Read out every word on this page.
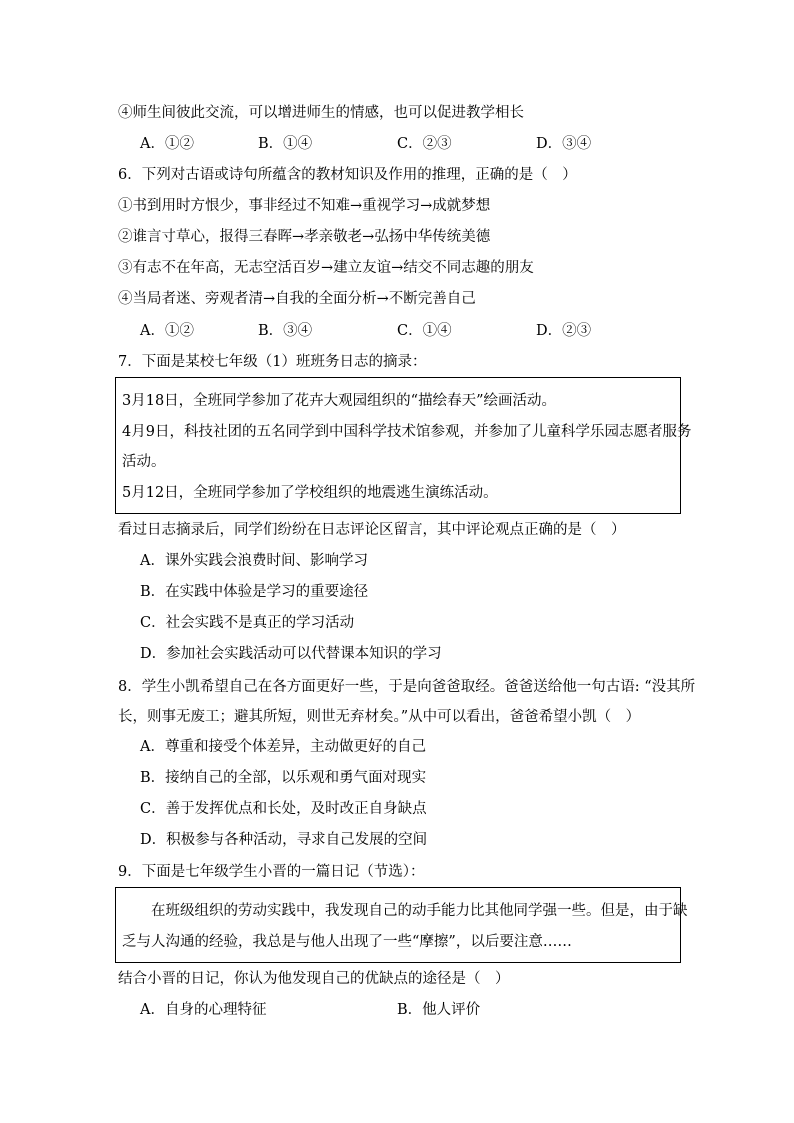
④师生间彼此交流，可以增进师生的情感，也可以促进教学相长
A．①②	B．①④	C．②③	D．③④
6．下列对古语或诗句所蕴含的教材知识及作用的推理，正确的是（　）
①书到用时方恨少，事非经过不知难→重视学习→成就梦想
②谁言寸草心，报得三春晖→孝亲敬老→弘扬中华传统美德
③有志不在年高，无志空活百岁→建立友谊→结交不同志趣的朋友
④当局者迷、旁观者清→自我的全面分析→不断完善自己
A．①②	B．③④	C．①④	D．②③
7．下面是某校七年级（1）班班务日志的摘录：
3月18日，全班同学参加了花卉大观园组织的“描绘春天”绘画活动。
4月9日，科技社团的五名同学到中国科学技术馆参观，并参加了儿童科学乐园志愿者服务
活动。
5月12日，全班同学参加了学校组织的地震逃生演练活动。
看过日志摘录后，同学们纷纷在日志评论区留言，其中评论观点正确的是（　）
A．课外实践会浪费时间、影响学习
B．在实践中体验是学习的重要途径
C．社会实践不是真正的学习活动
D．参加社会实践活动可以代替课本知识的学习
8．学生小凯希望自己在各方面更好一些，于是向爸爸取经。爸爸送给他一句古语: “没其所
长，则事无废工；避其所短，则世无弃材矣。”从中可以看出，爸爸希望小凯（　）
A．尊重和接受个体差异，主动做更好的自己
B．接纳自己的全部，以乐观和勇气面对现实
C．善于发挥优点和长处，及时改正自身缺点
D．积极参与各种活动，寻求自己发展的空间
9．下面是七年级学生小晋的一篇日记（节选）：
　　在班级组织的劳动实践中，我发现自己的动手能力比其他同学强一些。但是，由于缺
乏与人沟通的经验，我总是与他人出现了一些“摩擦”，以后要注意……
结合小晋的日记，你认为他发现自己的优缺点的途径是（　）
A．自身的心理特征	B．他人评价
